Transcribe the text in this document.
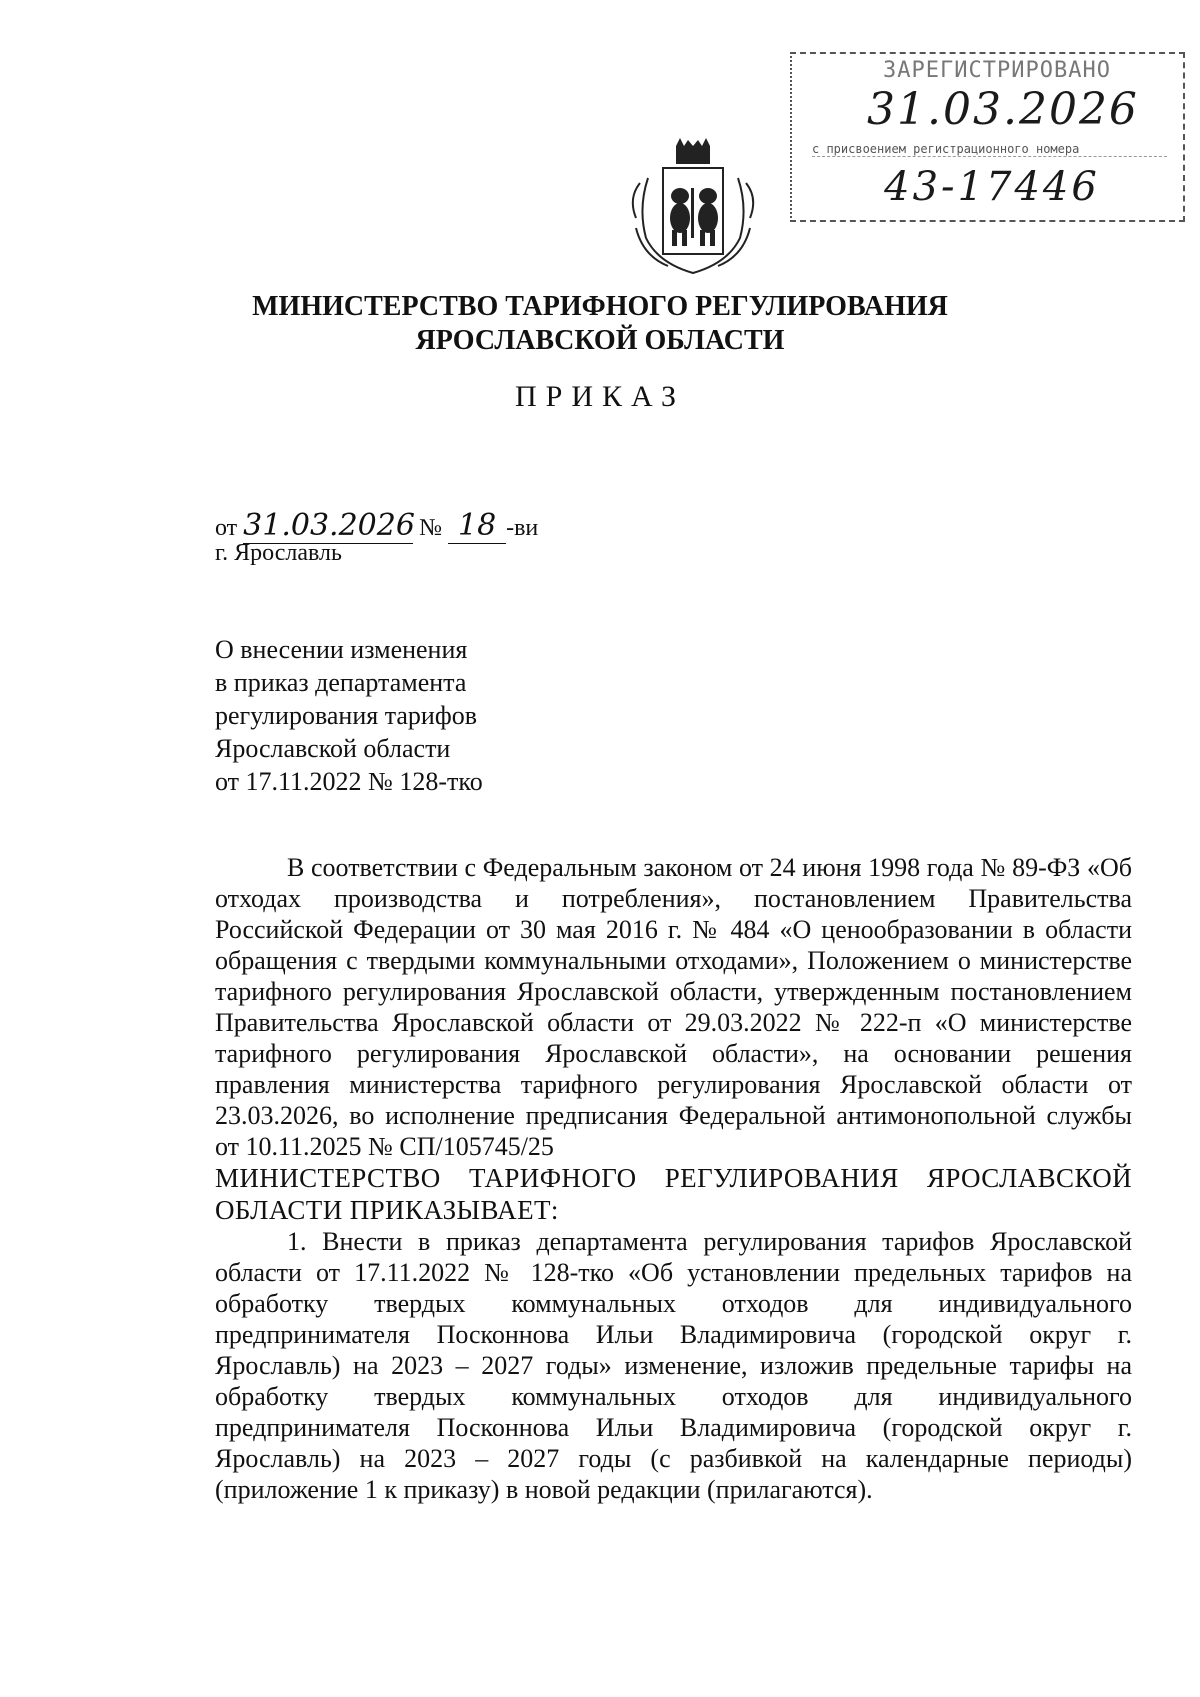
ЗАРЕГИСТРИРОВАНО
31.03.2026
с присвоением регистрационного номера
43-17446
МИНИСТЕРСТВО ТАРИФНОГО РЕГУЛИРОВАНИЯ
ЯРОСЛАВСКОЙ ОБЛАСТИ
ПРИКАЗ
от 31.03.2026 № 18 -ви
г. Ярославль
О внесении изменения
в приказ департамента
регулирования тарифов
Ярославской области
от 17.11.2022 № 128-тко
В соответствии с Федеральным законом от 24 июня 1998 года № 89-ФЗ «Об отходах производства и потребления», постановлением Правительства Российской Федерации от 30 мая 2016 г. № 484 «О ценообразовании в области обращения с твердыми коммунальными отходами», Положением о министерстве тарифного регулирования Ярославской области, утвержденным постановлением Правительства Ярославской области от 29.03.2022 № 222-п «О министерстве тарифного регулирования Ярославской области», на основании решения правления министерства тарифного регулирования Ярославской области от 23.03.2026, во исполнение предписания Федеральной антимонопольной службы от 10.11.2025 № СП/105745/25
МИНИСТЕРСТВО ТАРИФНОГО РЕГУЛИРОВАНИЯ ЯРОСЛАВСКОЙ ОБЛАСТИ ПРИКАЗЫВАЕТ:
1. Внести в приказ департамента регулирования тарифов Ярославской области от 17.11.2022 № 128-тко «Об установлении предельных тарифов на обработку твердых коммунальных отходов для индивидуального предпринимателя Посконнова Ильи Владимировича (городской округ г. Ярославль) на 2023 – 2027 годы» изменение, изложив предельные тарифы на обработку твердых коммунальных отходов для индивидуального предпринимателя Посконнова Ильи Владимировича (городской округ г. Ярославль) на 2023 – 2027 годы (с разбивкой на календарные периоды) (приложение 1 к приказу) в новой редакции (прилагаются).
